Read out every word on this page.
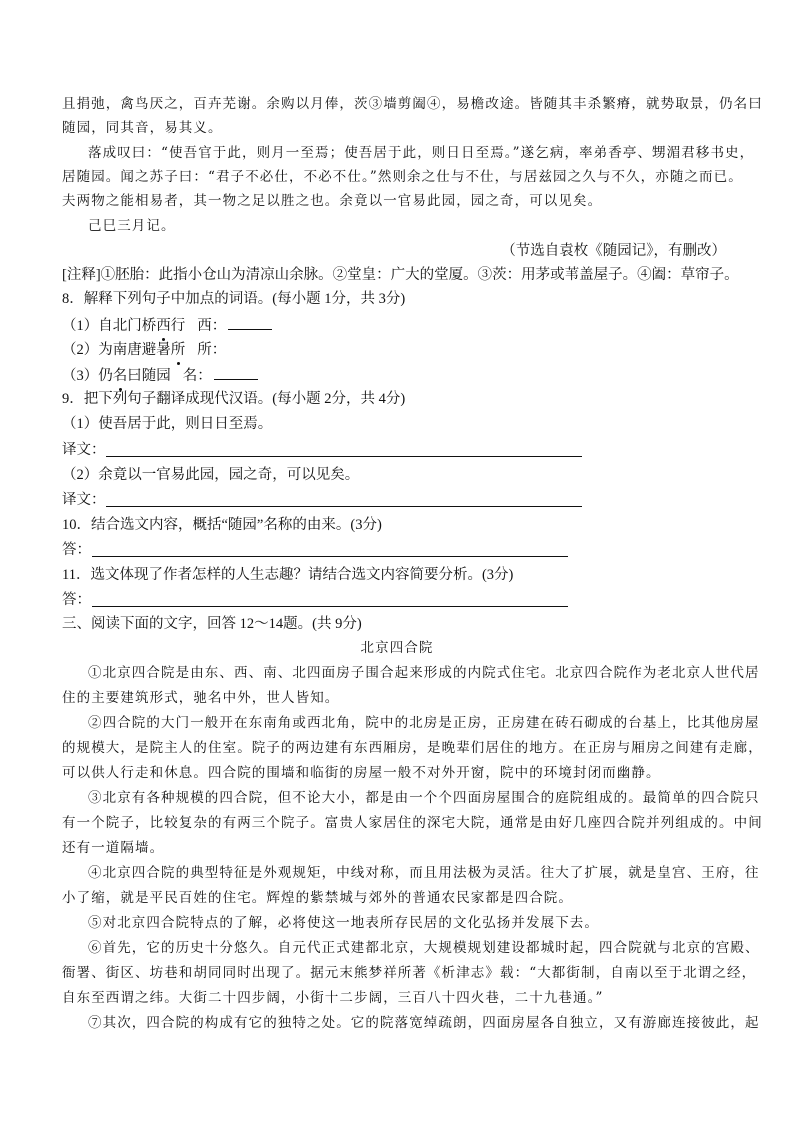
且捐弛，禽鸟厌之，百卉芜谢。余购以月俸，茨③墙剪阖④，易檐改途。皆随其丰杀繁瘠，就势取景，仍名曰
随园，同其音，易其义。
落成叹曰：“使吾官于此，则月一至焉；使吾居于此，则日日至焉。”遂乞病，率弟香亭、甥湄君移书史，
居随园。闻之苏子曰：“君子不必仕，不必不仕。”然则余之仕与不仕，与居兹园之久与不久，亦随之而已。
夫两物之能相易者，其一物之足以胜之也。余竟以一官易此园，园之奇，可以见矣。
己巳三月记。
（节选自袁枚《随园记》，有删改）
[注释]①胚胎：此指小仓山为清凉山余脉。②堂皇：广大的堂厦。③茨：用茅或苇盖屋子。④阖：草帘子。
8．解释下列句子中加点的词语。(每小题 1分，共 3分)
（1）自北门桥西行 西：
（2）为南唐避暑所 所：
（3）仍名曰随园 名：
9．把下列句子翻译成现代汉语。(每小题 2分，共 4分)
（1）使吾居于此，则日日至焉。
译文：
（2）余竟以一官易此园，园之奇，可以见矣。
译文：
10．结合选文内容，概括“随园”名称的由来。(3分)
答：
11．选文体现了作者怎样的人生志趣？请结合选文内容简要分析。(3分)
答：
三、阅读下面的文字，回答 12～14题。(共 9分)
北京四合院
①北京四合院是由东、西、南、北四面房子围合起来形成的内院式住宅。北京四合院作为老北京人世代居
住的主要建筑形式，驰名中外，世人皆知。
②四合院的大门一般开在东南角或西北角，院中的北房是正房，正房建在砖石砌成的台基上，比其他房屋
的规模大，是院主人的住室。院子的两边建有东西厢房，是晚辈们居住的地方。在正房与厢房之间建有走廊，
可以供人行走和休息。四合院的围墙和临街的房屋一般不对外开窗，院中的环境封闭而幽静。
③北京有各种规模的四合院，但不论大小，都是由一个个四面房屋围合的庭院组成的。最简单的四合院只
有一个院子，比较复杂的有两三个院子。富贵人家居住的深宅大院，通常是由好几座四合院并列组成的。中间
还有一道隔墙。
④北京四合院的典型特征是外观规矩，中线对称，而且用法极为灵活。往大了扩展，就是皇宫、王府，往
小了缩，就是平民百姓的住宅。辉煌的紫禁城与郊外的普通农民家都是四合院。
⑤对北京四合院特点的了解，必将使这一地表所存民居的文化弘扬并发展下去。
⑥首先，它的历史十分悠久。自元代正式建都北京，大规模规划建设都城时起，四合院就与北京的宫殿、
衙署、街区、坊巷和胡同同时出现了。据元末熊梦祥所著《析津志》载：“大都街制，自南以至于北谓之经，
自东至西谓之纬。大街二十四步阔，小街十二步阔，三百八十四火巷，二十九巷通。”
⑦其次，四合院的构成有它的独特之处。它的院落宽绰疏朗，四面房屋各自独立，又有游廊连接彼此，起
